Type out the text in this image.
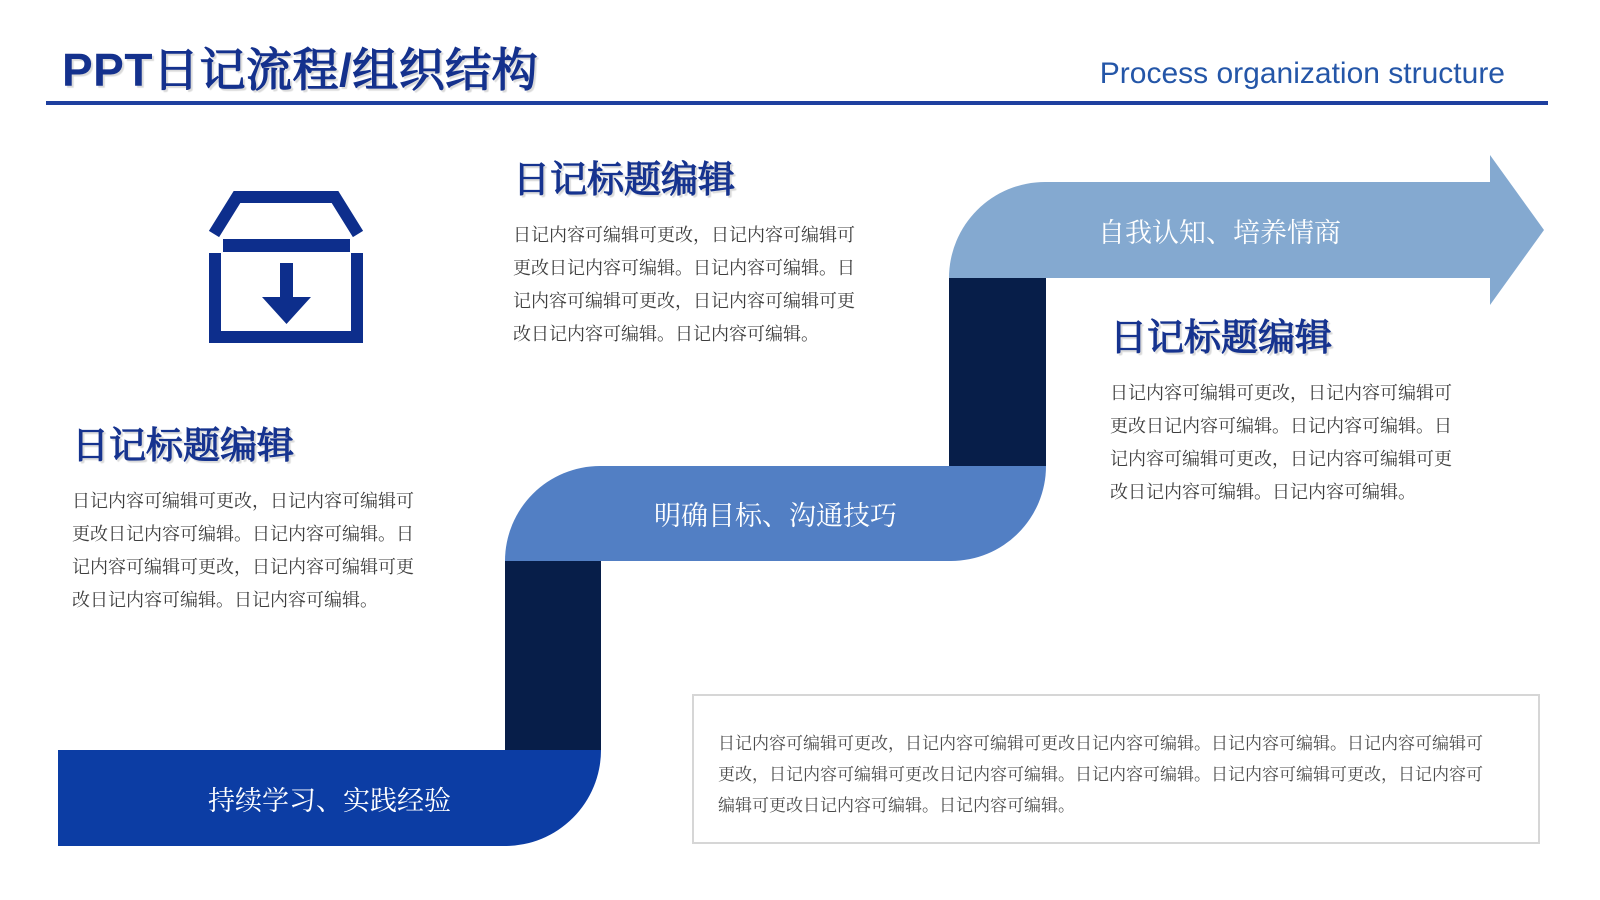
PPT日记流程/组织结构	Process organization structure
日记标题编辑

日记内容可编辑可更改，日记内容可编辑可

更改日记内容可编辑。日记内容可编辑。日

记内容可编辑可更改，日记内容可编辑可更

改日记内容可编辑。日记内容可编辑。

日记标题编辑

日记内容可编辑可更改，日记内容可编辑可

更改日记内容可编辑。日记内容可编辑。日

记内容可编辑可更改，日记内容可编辑可更

改日记内容可编辑。日记内容可编辑。

日记标题编辑

日记内容可编辑可更改，日记内容可编辑可

更改日记内容可编辑。日记内容可编辑。日

记内容可编辑可更改，日记内容可编辑可更

改日记内容可编辑。日记内容可编辑。

自我认知、培养情商
明确目标、沟通技巧
持续学习、实践经验

日记内容可编辑可更改，日记内容可编辑可更改日记内容可编辑。日记内容可编辑。日记内容可编辑可

更改，日记内容可编辑可更改日记内容可编辑。日记内容可编辑。日记内容可编辑可更改，日记内容可

编辑可更改日记内容可编辑。日记内容可编辑。
